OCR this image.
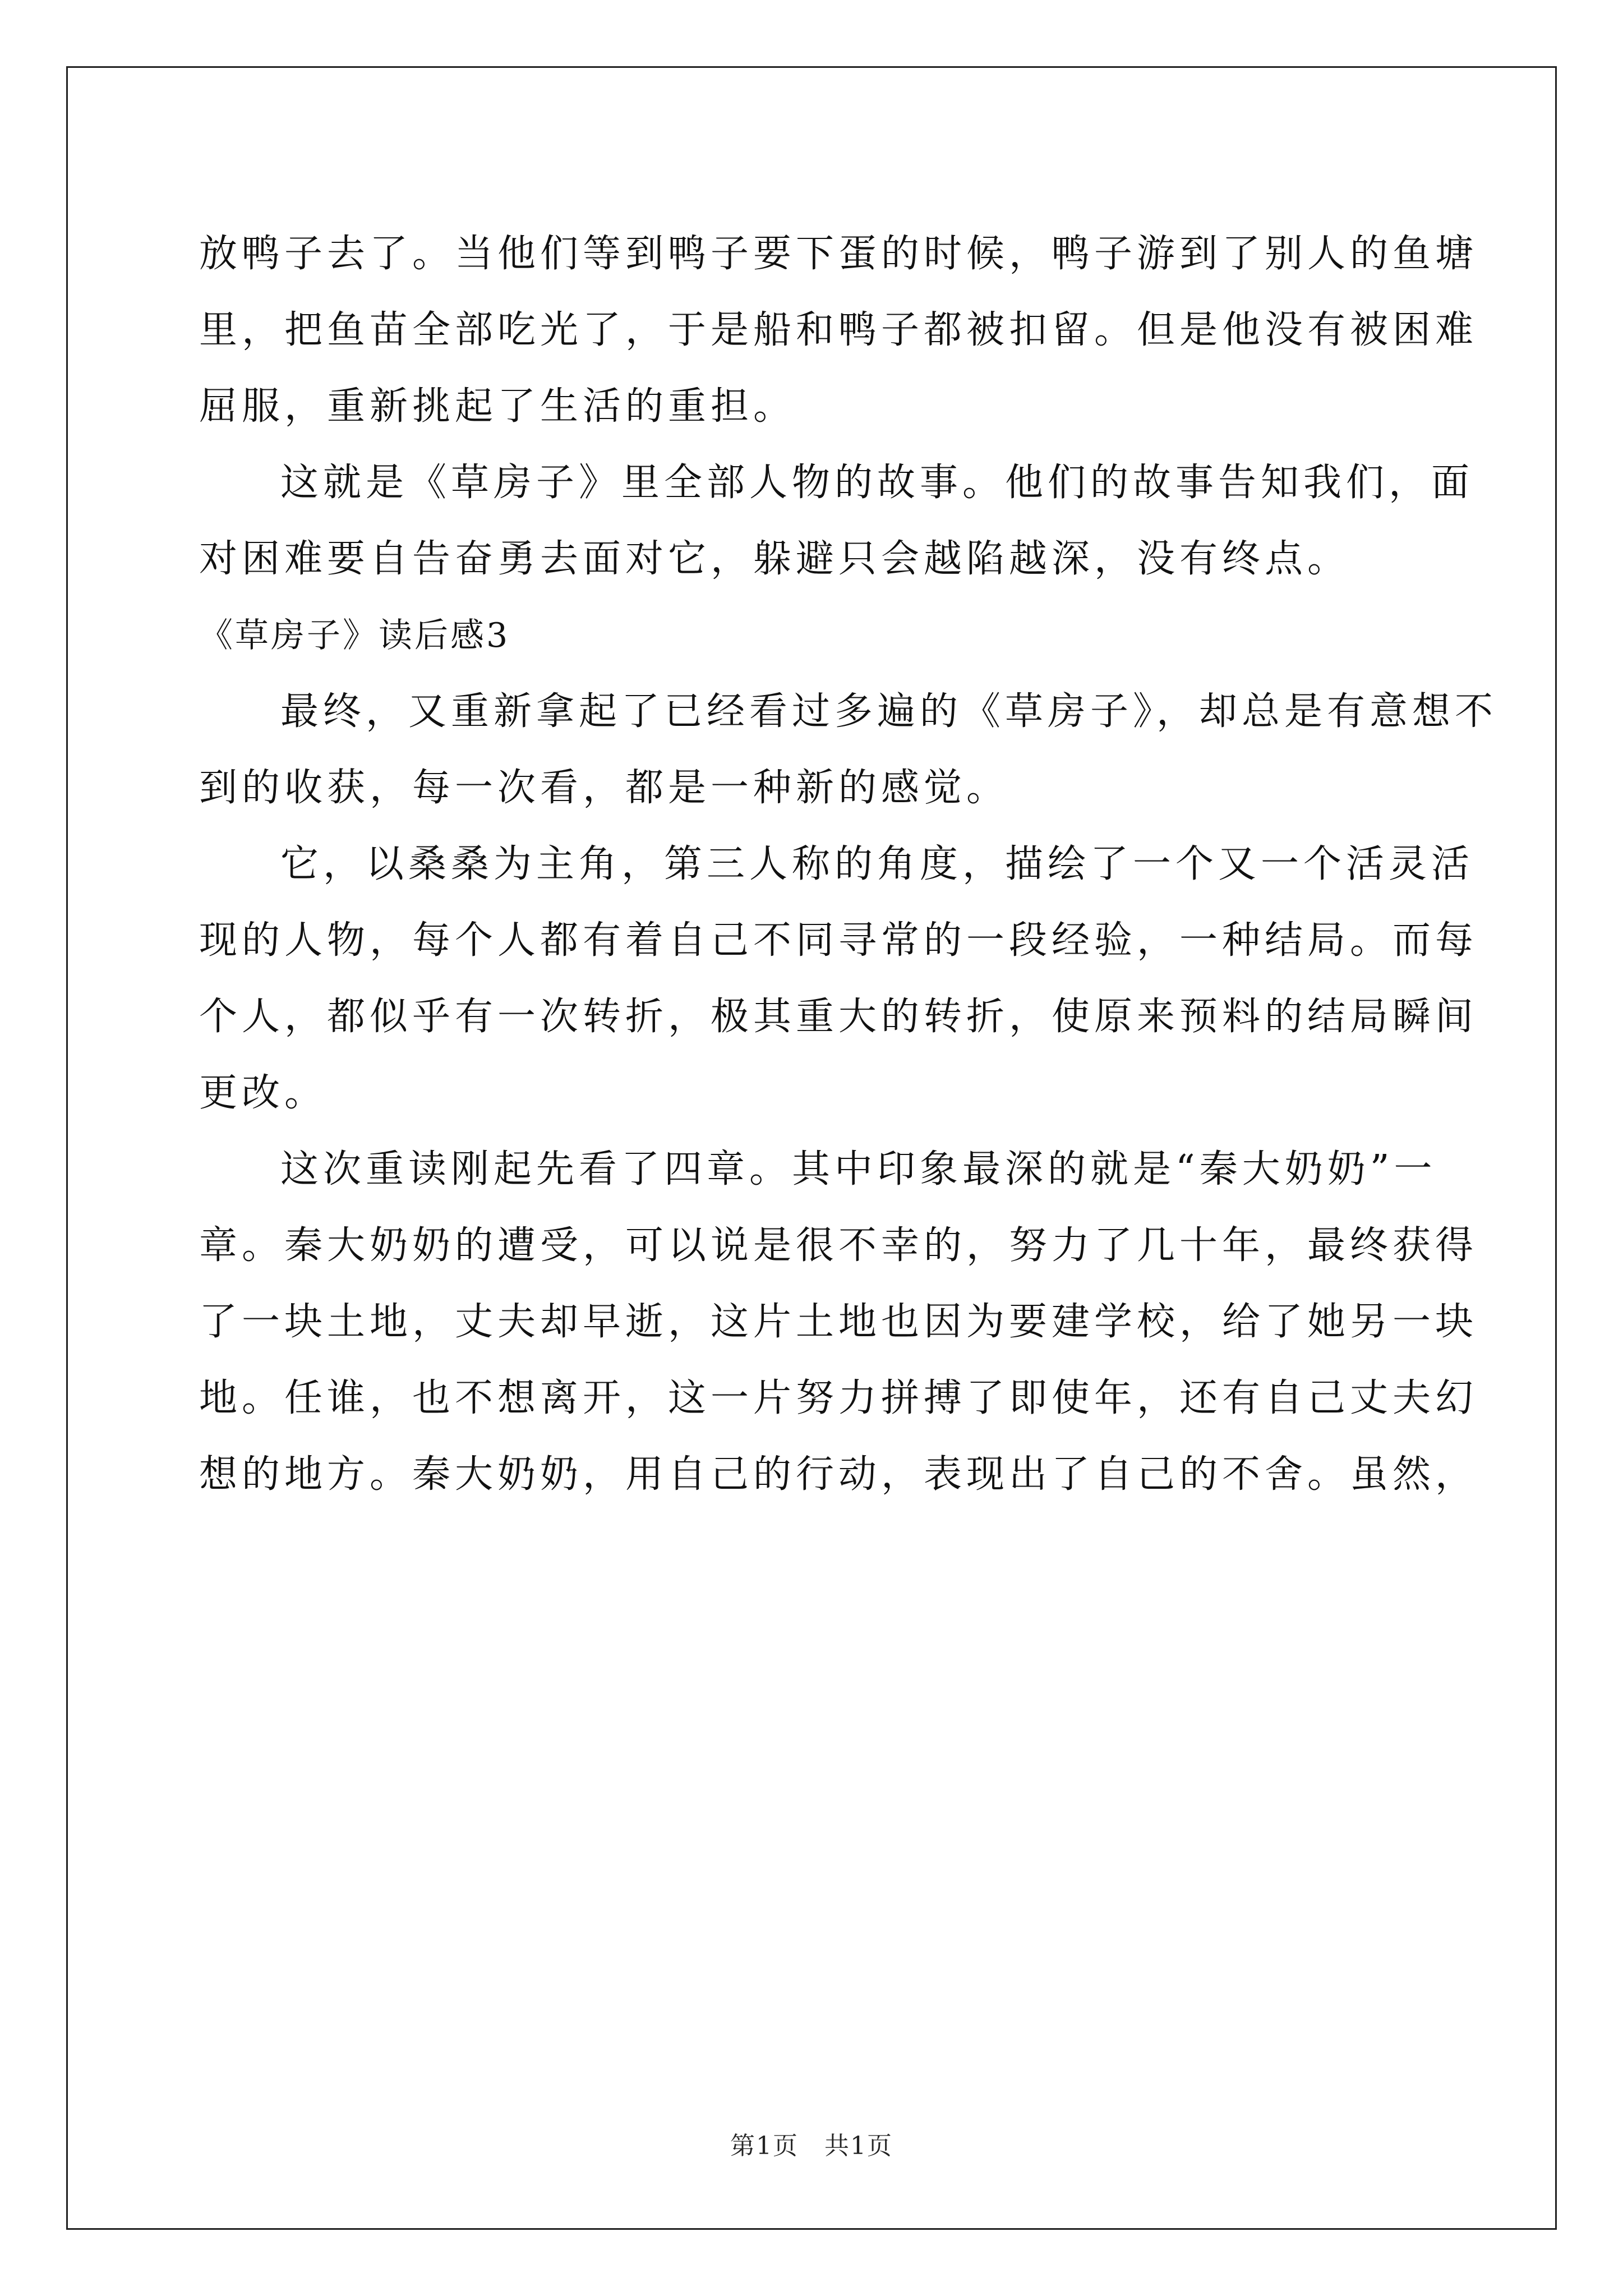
放鸭子去了。当他们等到鸭子要下蛋的时候，鸭子游到了别人的鱼塘
里，把鱼苗全部吃光了，于是船和鸭子都被扣留。但是他没有被困难
屈服，重新挑起了生活的重担。
这就是《草房子》里全部人物的故事。他们的故事告知我们，面
对困难要自告奋勇去面对它，躲避只会越陷越深，没有终点。
《草房子》读后感3
最终，又重新拿起了已经看过多遍的《草房子》，却总是有意想不
到的收获，每一次看，都是一种新的感觉。
它，以桑桑为主角，第三人称的角度，描绘了一个又一个活灵活
现的人物，每个人都有着自己不同寻常的一段经验，一种结局。而每
个人，都似乎有一次转折，极其重大的转折，使原来预料的结局瞬间
更改。
这次重读刚起先看了四章。其中印象最深的就是“秦大奶奶”一
章。秦大奶奶的遭受，可以说是很不幸的，努力了几十年，最终获得
了一块土地，丈夫却早逝，这片土地也因为要建学校，给了她另一块
地。任谁，也不想离开，这一片努力拼搏了即使年，还有自己丈夫幻
想的地方。秦大奶奶，用自己的行动，表现出了自己的不舍。虽然，
第1页　共1页
